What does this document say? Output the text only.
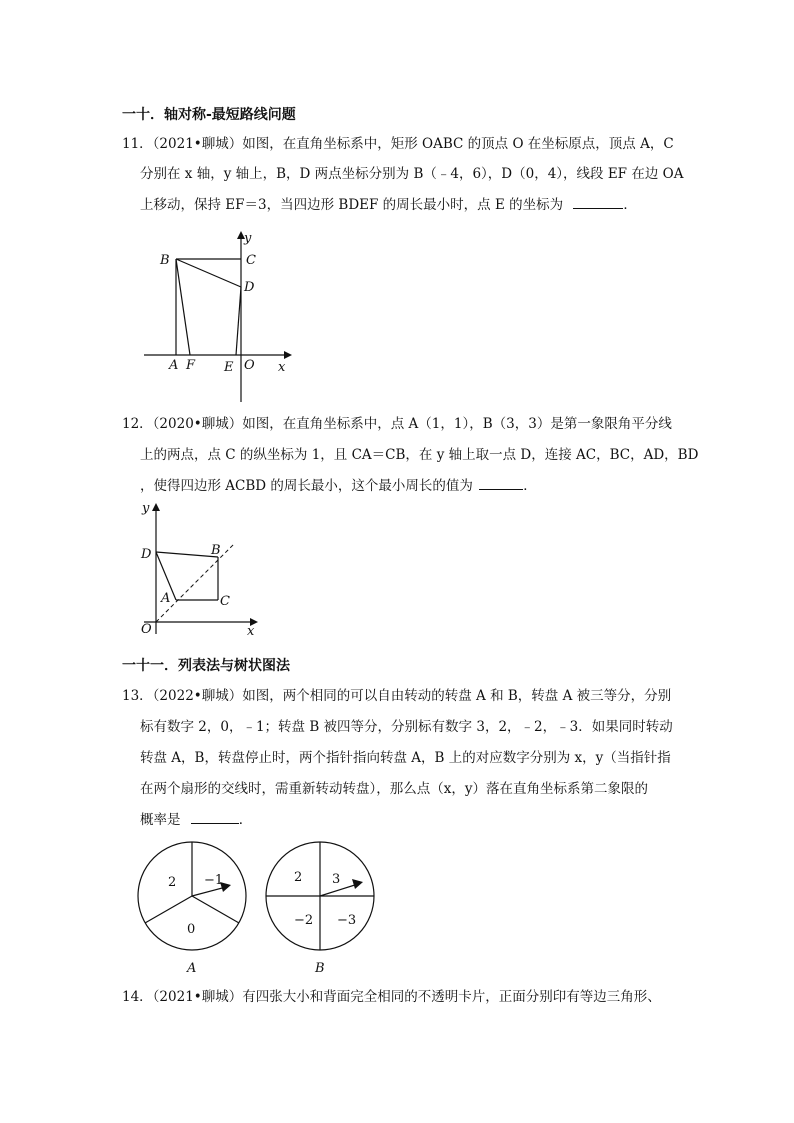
一十．轴对称-最短路线问题
11．（2021•聊城）如图，在直角坐标系中，矩形 OABC 的顶点 O 在坐标原点，顶点 A，C
分别在 x 轴，y 轴上，B，D 两点坐标分别为 B（﹣4，6），D（0，4），线段 EF 在边 OA
上移动，保持 EF＝3，当四边形 BDEF 的周长最小时，点 E 的坐标为	．
B	C
D
y
A F E O x
12．（2020•聊城）如图，在直角坐标系中，点 A（1，1），B（3，3）是第一象限角平分线
上的两点，点 C 的纵坐标为 1，且 CA＝CB，在 y 轴上取一点 D，连接 AC，BC，AD，BD
，使得四边形 ACBD 的周长最小，这个最小周长的值为	．
y
D	B
A	C
O	x
一十一．列表法与树状图法
13．（2022•聊城）如图，两个相同的可以自由转动的转盘 A 和 B，转盘 A 被三等分，分别
标有数字 2，0，﹣1；转盘 B 被四等分，分别标有数字 3，2，﹣2，﹣3．如果同时转动
转盘 A，B，转盘停止时，两个指针指向转盘 A，B 上的对应数字分别为 x，y（当指针指
在两个扇形的交线时，需重新转动转盘），那么点（x，y）落在直角坐标系第二象限的
概率是	．
2 −1
0
A
2 3
−2 −3
B
14．（2021•聊城）有四张大小和背面完全相同的不透明卡片，正面分别印有等边三角形、
